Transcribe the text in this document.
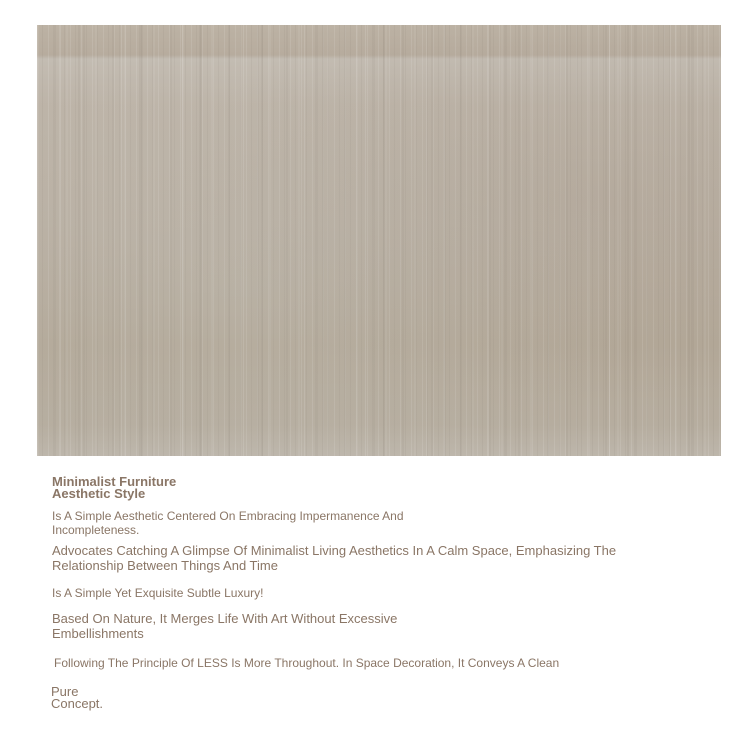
Minimalist Furniture
Aesthetic Style

Is A Simple Aesthetic Centered On Embracing Impermanence And
Incompleteness.

Advocates Catching A Glimpse Of Minimalist Living Aesthetics In A Calm Space, Emphasizing The
Relationship Between Things And Time

Is A Simple Yet Exquisite Subtle Luxury!

Based On Nature, It Merges Life With Art Without Excessive
Embellishments

Following The Principle Of LESS Is More Throughout. In Space Decoration, It Conveys A Clean

Pure
Concept.
